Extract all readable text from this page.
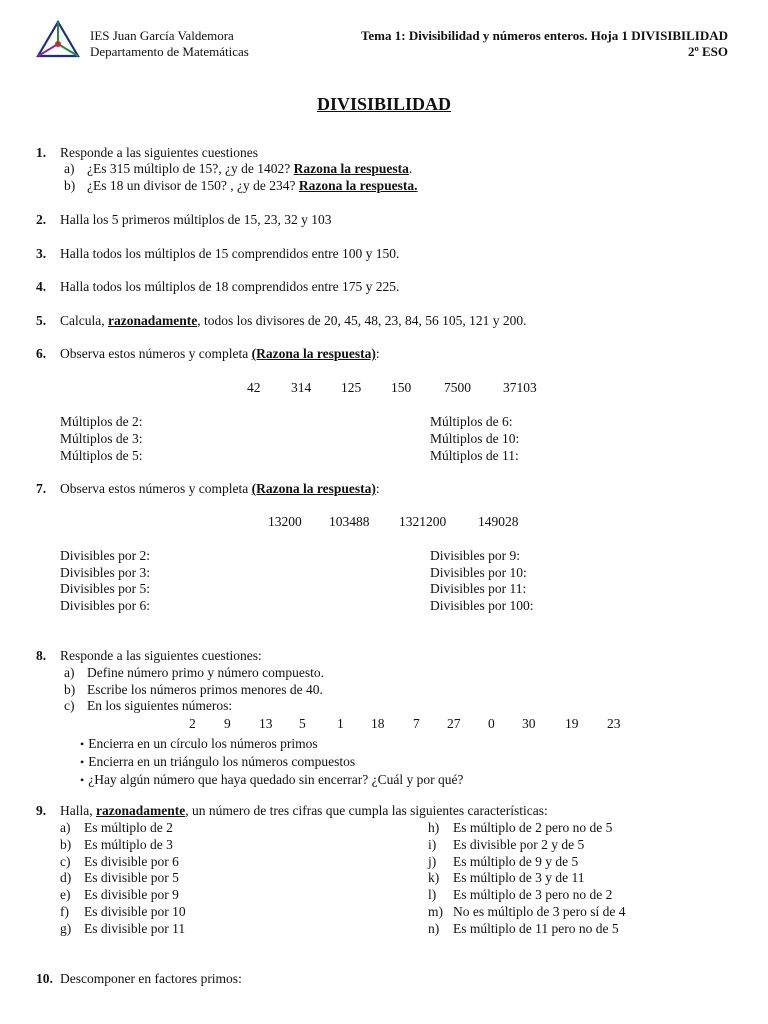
IES Juan García Valdemora
Departamento de Matemáticas
Tema 1: Divisibilidad y números enteros. Hoja 1 DIVISIBILIDAD
2º ESO
DIVISIBILIDAD
1. Responde a las siguientes cuestiones
a) ¿Es 315 múltiplo de 15?, ¿y de 1402? Razona la respuesta.
b) ¿Es 18 un divisor de 150? , ¿y de 234? Razona la respuesta.
2. Halla los 5 primeros múltiplos de 15, 23, 32 y 103
3. Halla todos los múltiplos de 15 comprendidos entre 100 y 150.
4. Halla todos los múltiplos de 18 comprendidos entre 175 y 225.
5. Calcula, razonadamente, todos los divisores de 20, 45, 48, 23, 84, 56 105, 121 y 200.
6. Observa estos números y completa (Razona la respuesta):
42 314 125 150 7500 37103
Múltiplos de 2:
Múltiplos de 3:
Múltiplos de 5:
Múltiplos de 6:
Múltiplos de 10:
Múltiplos de 11:
7. Observa estos números y completa (Razona la respuesta):
13200 103488 1321200 149028
Divisibles por 2:
Divisibles por 3:
Divisibles por 5:
Divisibles por 6:
Divisibles por 9:
Divisibles por 10:
Divisibles por 11:
Divisibles por 100:
8. Responde a las siguientes cuestiones:
a) Define número primo y número compuesto.
b) Escribe los números primos menores de 40.
c) En los siguientes números:
2 9 13 5 1 18 7 27 0 30 19 23
• Encierra en un círculo los números primos
• Encierra en un triángulo los números compuestos
• ¿Hay algún número que haya quedado sin encerrar? ¿Cuál y por qué?
9. Halla, razonadamente, un número de tres cifras que cumpla las siguientes características:
a) Es múltiplo de 2
b) Es múltiplo de 3
c) Es divisible por 6
d) Es divisible por 5
e) Es divisible por 9
f) Es divisible por 10
g) Es divisible por 11
h) Es múltiplo de 2 pero no de 5
i) Es divisible por 2 y de 5
j) Es múltiplo de 9 y de 5
k) Es múltiplo de 3 y de 11
l) Es múltiplo de 3 pero no de 2
m) No es múltiplo de 3 pero sí de 4
n) Es múltiplo de 11 pero no de 5
10. Descomponer en factores primos:
